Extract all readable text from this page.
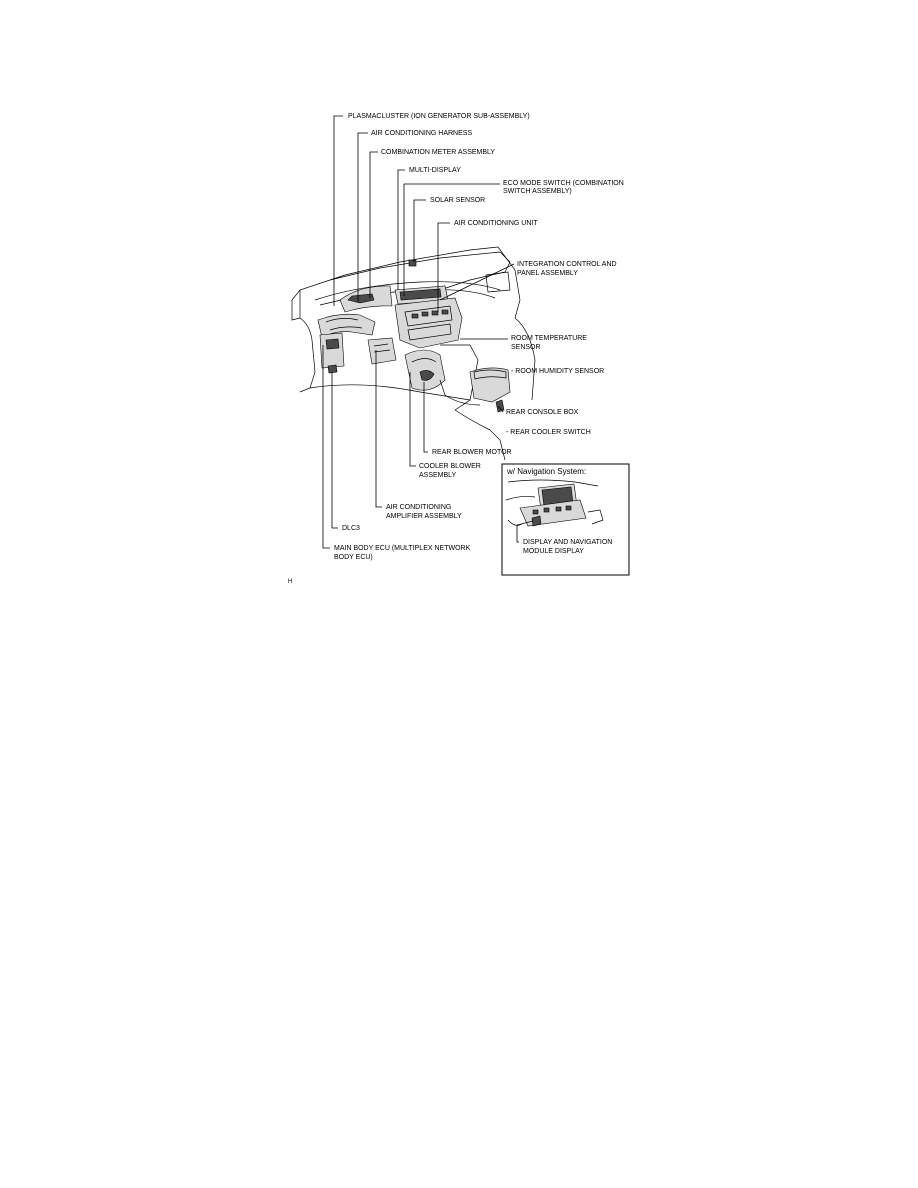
PLASMACLUSTER (ION GENERATOR SUB-ASSEMBLY)
AIR CONDITIONING HARNESS
COMBINATION METER ASSEMBLY
MULTI-DISPLAY
ECO MODE SWITCH (COMBINATION
SWITCH ASSEMBLY)
SOLAR SENSOR
AIR CONDITIONING UNIT
INTEGRATION CONTROL AND
PANEL ASSEMBLY
ROOM TEMPERATURE
SENSOR
- ROOM HUMIDITY SENSOR
REAR CONSOLE BOX
- REAR COOLER SWITCH
REAR BLOWER MOTOR
COOLER BLOWER
ASSEMBLY
AIR CONDITIONING
AMPLIFIER ASSEMBLY
DLC3
MAIN BODY ECU (MULTIPLEX NETWORK
BODY ECU)
w/ Navigation System:
DISPLAY AND NAVIGATION
MODULE DISPLAY
H
